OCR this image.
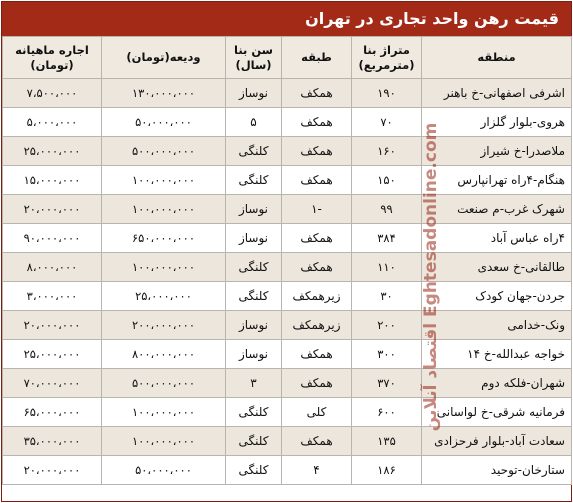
قیمت رهن واحد تجاری در تهران
منطقه	متراژ بنا (مترمربع)	طبقه	سن بنا (سال)	ودیعه(تومان)	اجاره ماهیانه (تومان)
اشرفی اصفهانی-خ باهنر	۱۹۰	همکف	نوساز	۱۳۰،۰۰۰،۰۰۰	۷،۵۰۰،۰۰۰
هروی-بلوار گلزار	۷۰	همکف	۵	۵۰،۰۰۰،۰۰۰	۵،۰۰۰،۰۰۰
ملاصدرا-خ شیراز	۱۶۰	همکف	کلنگی	۵۰۰،۰۰۰،۰۰۰	۲۵،۰۰۰،۰۰۰
هنگام-۴راه تهرانپارس	۱۵۰	همکف	کلنگی	۱۰۰،۰۰۰،۰۰۰	۱۵،۰۰۰،۰۰۰
شهرک غرب-م صنعت	۹۹	-۱	نوساز	۱۰۰،۰۰۰،۰۰۰	۲۰،۰۰۰،۰۰۰
۴راه عباس آباد	۳۸۴	همکف	نوساز	۶۵۰،۰۰۰،۰۰۰	۹۰،۰۰۰،۰۰۰
طالقانی-خ سعدی	۱۱۰	همکف	کلنگی	۱۰۰،۰۰۰،۰۰۰	۸،۰۰۰،۰۰۰
جردن-جهان کودک	۳۰	زیرهمکف	کلنگی	۲۵،۰۰۰،۰۰۰	۳،۰۰۰،۰۰۰
ونک-خدامی	۲۰۰	زیرهمکف	نوساز	۲۰۰،۰۰۰،۰۰۰	۲۰،۰۰۰،۰۰۰
خواجه عبدالله-خ ۱۴	۳۰۰	همکف	نوساز	۸۰۰،۰۰۰،۰۰۰	۲۵،۰۰۰،۰۰۰
شهران-فلکه دوم	۳۷۰	همکف	۳	۵۰۰،۰۰۰،۰۰۰	۷۰،۰۰۰،۰۰۰
فرمانیه شرقی-خ لواسانی	۶۰۰	کلی	کلنگی	۱۰۰،۰۰۰،۰۰۰	۶۵،۰۰۰،۰۰۰
سعادت آباد-بلوار فرحزادی	۱۳۵	همکف	کلنگی	۱۰۰،۰۰۰،۰۰۰	۳۵،۰۰۰،۰۰۰
ستارخان-توحید	۱۸۶	۴	کلنگی	۵۰،۰۰۰،۰۰۰	۲۰،۰۰۰،۰۰۰
اقتصاد آنلاین Eghtesadonline.com
